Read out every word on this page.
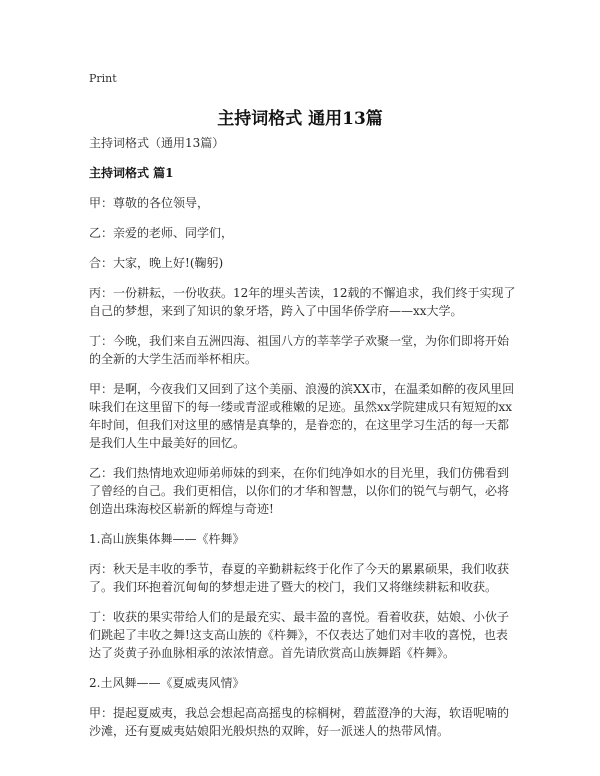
Print
主持词格式 通用13篇

主持词格式（通用13篇）

主持词格式 篇1

甲：尊敬的各位领导，

乙：亲爱的老师、同学们，

合：大家，晚上好!(鞠躬)

丙：一份耕耘，一份收获。12年的埋头苦读，12载的不懈追求，我们终于实现了自己的梦想，来到了知识的象牙塔，跨入了中国华侨学府——xx大学。

丁：今晚，我们来自五洲四海、祖国八方的莘莘学子欢聚一堂，为你们即将开始的全新的大学生活而举杯相庆。

甲：是啊，今夜我们又回到了这个美丽、浪漫的滨XX市，在温柔如醉的夜风里回味我们在这里留下的每一缕或青涩或稚嫩的足迹。虽然xx学院建成只有短短的xx年时间，但我们对这里的感情是真挚的，是眷恋的，在这里学习生活的每一天都是我们人生中最美好的回忆。

乙：我们热情地欢迎师弟师妹的到来，在你们纯净如水的目光里，我们仿佛看到了曾经的自己。我们更相信，以你们的才华和智慧，以你们的锐气与朝气，必将创造出珠海校区崭新的辉煌与奇迹!

1.高山族集体舞——《杵舞》

丙：秋天是丰收的季节，春夏的辛勤耕耘终于化作了今天的累累硕果，我们收获了。我们环抱着沉甸甸的梦想走进了暨大的校门，我们又将继续耕耘和收获。

丁：收获的果实带给人们的是最充实、最丰盈的喜悦。看着收获，姑娘、小伙子们跳起了丰收之舞!这支高山族的《杵舞》，不仅表达了她们对丰收的喜悦，也表达了炎黄子孙血脉相承的浓浓情意。首先请欣赏高山族舞蹈《杵舞》。

2.土风舞——《夏威夷风情》

甲：提起夏威夷，我总会想起高高摇曳的棕榈树，碧蓝澄净的大海，软语呢喃的沙滩，还有夏威夷姑娘阳光般炽热的双眸，好一派迷人的热带风情。
